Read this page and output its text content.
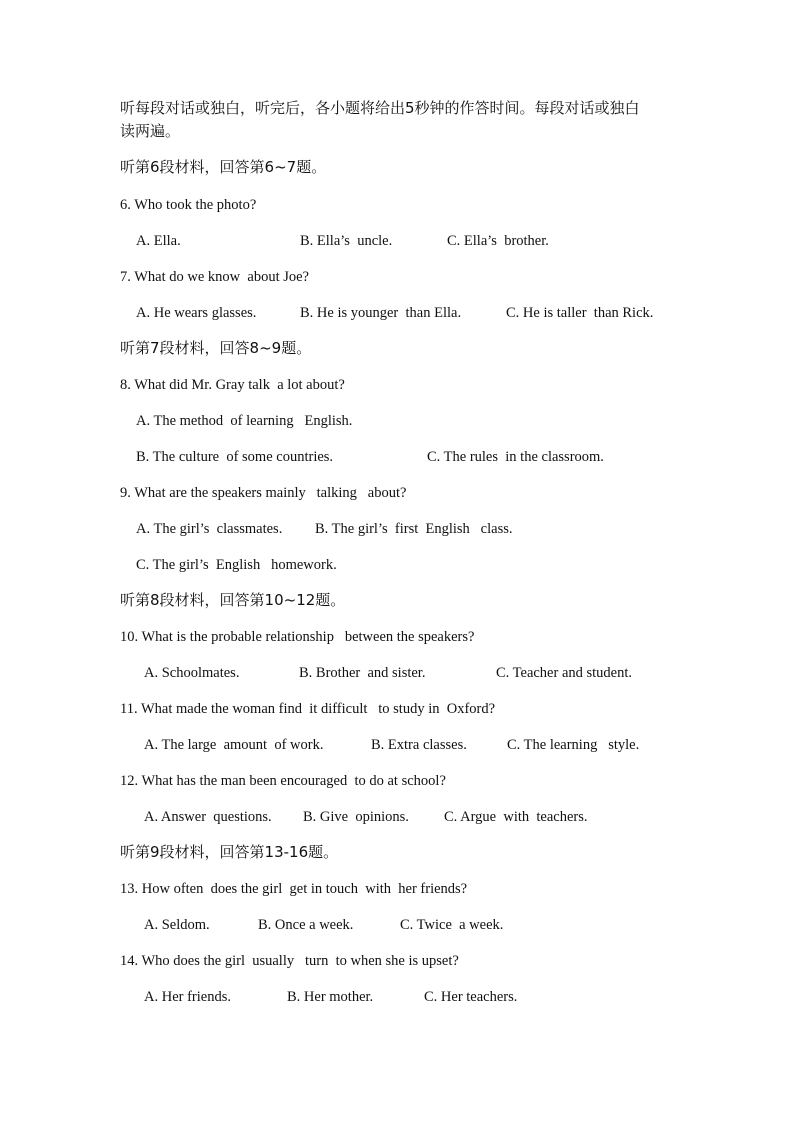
听每段对话或独白，听完后，各小题将给出5秒钟的作答时间。每段对话或独白
读两遍。
听第6段材料，回答第6~7题。
6. Who took the photo?
A. Ella.	B. Ella’s  uncle.	C. Ella’s  brother.
7. What do we know  about Joe?
A. He wears glasses.	B. He is younger  than Ella.	C. He is taller  than Rick.
听第7段材料，回答8~9题。
8. What did Mr. Gray talk  a lot about?
A. The method  of learning   English.
B. The culture  of some countries.	C. The rules  in the classroom.
9. What are the speakers mainly   talking   about?
A. The girl’s  classmates. B. The girl’s  first  English   class.
C. The girl’s  English   homework.
听第8段材料，回答第10~12题。
10. What is the probable relationship   between the speakers?
A. Schoolmates.	B. Brother  and sister.	C. Teacher and student.
11. What made the woman find  it difficult   to study in  Oxford?
A. The large  amount  of work.	B. Extra classes.	C. The learning   style.
12. What has the man been encouraged  to do at school?
A. Answer  questions. B. Give  opinions. C. Argue  with  teachers.
听第9段材料，回答第13-16题。
13. How often  does the girl  get in touch  with  her friends?
A. Seldom.	B. Once a week.	C. Twice  a week.
14. Who does the girl  usually   turn  to when she is upset?
A. Her friends.	B. Her mother.	C. Her teachers.
